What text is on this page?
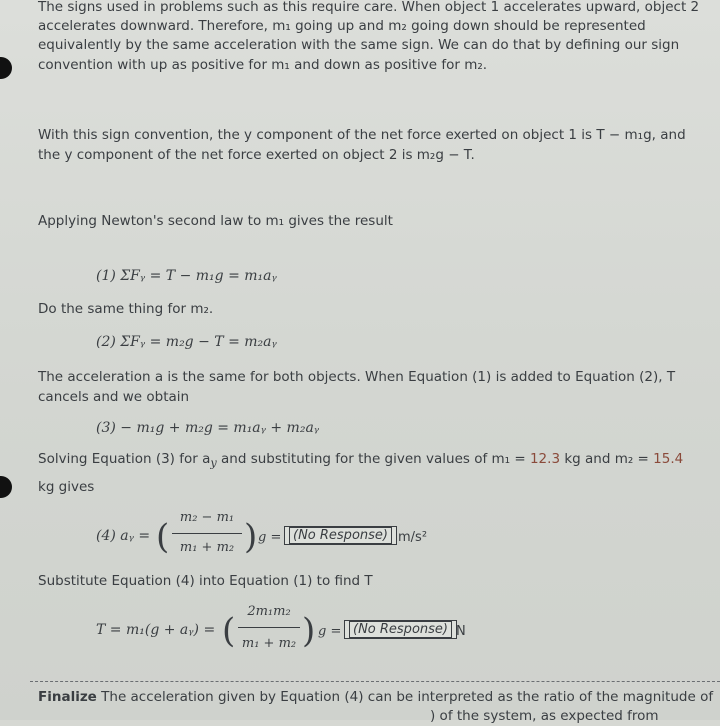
The signs used in problems such as this require care. When object 1 accelerates upward, object 2

accelerates downward. Therefore, m₁ going up and m₂ going down should be represented

equivalently by the same acceleration with the same sign. We can do that by defining our sign

convention with up as positive for m₁ and down as positive for m₂.

With this sign convention, the y component of the net force exerted on object 1 is T − m₁g, and

the y component of the net force exerted on object 2 is m₂g − T.

Applying Newton's second law to m₁ gives the result

(1) ΣFᵧ = T − m₁g = m₁aᵧ

Do the same thing for m₂.

(2) ΣFᵧ = m₂g − T = m₂aᵧ

The acceleration a is the same for both objects. When Equation (1) is added to Equation (2), T

cancels and we obtain

(3) − m₁g + m₂g = m₁aᵧ + m₂aᵧ

Solving Equation (3) for $a_y$ and substituting for the given values of m₁ = 12.3 kg and m₂ = 15.4

kg gives

(4) aᵧ = ( m₂ − m₁
m₁ + m₂ ) g = (No Response) m/s²

Substitute Equation (4) into Equation (1) to find T

T = m₁(g + aᵧ) = ( 2m₁m₂
m₁ + m₂ ) g = (No Response) N

Finalize The acceleration given by Equation (4) can be interpreted as the ratio of the magnitude of

) of the system, as expected from
